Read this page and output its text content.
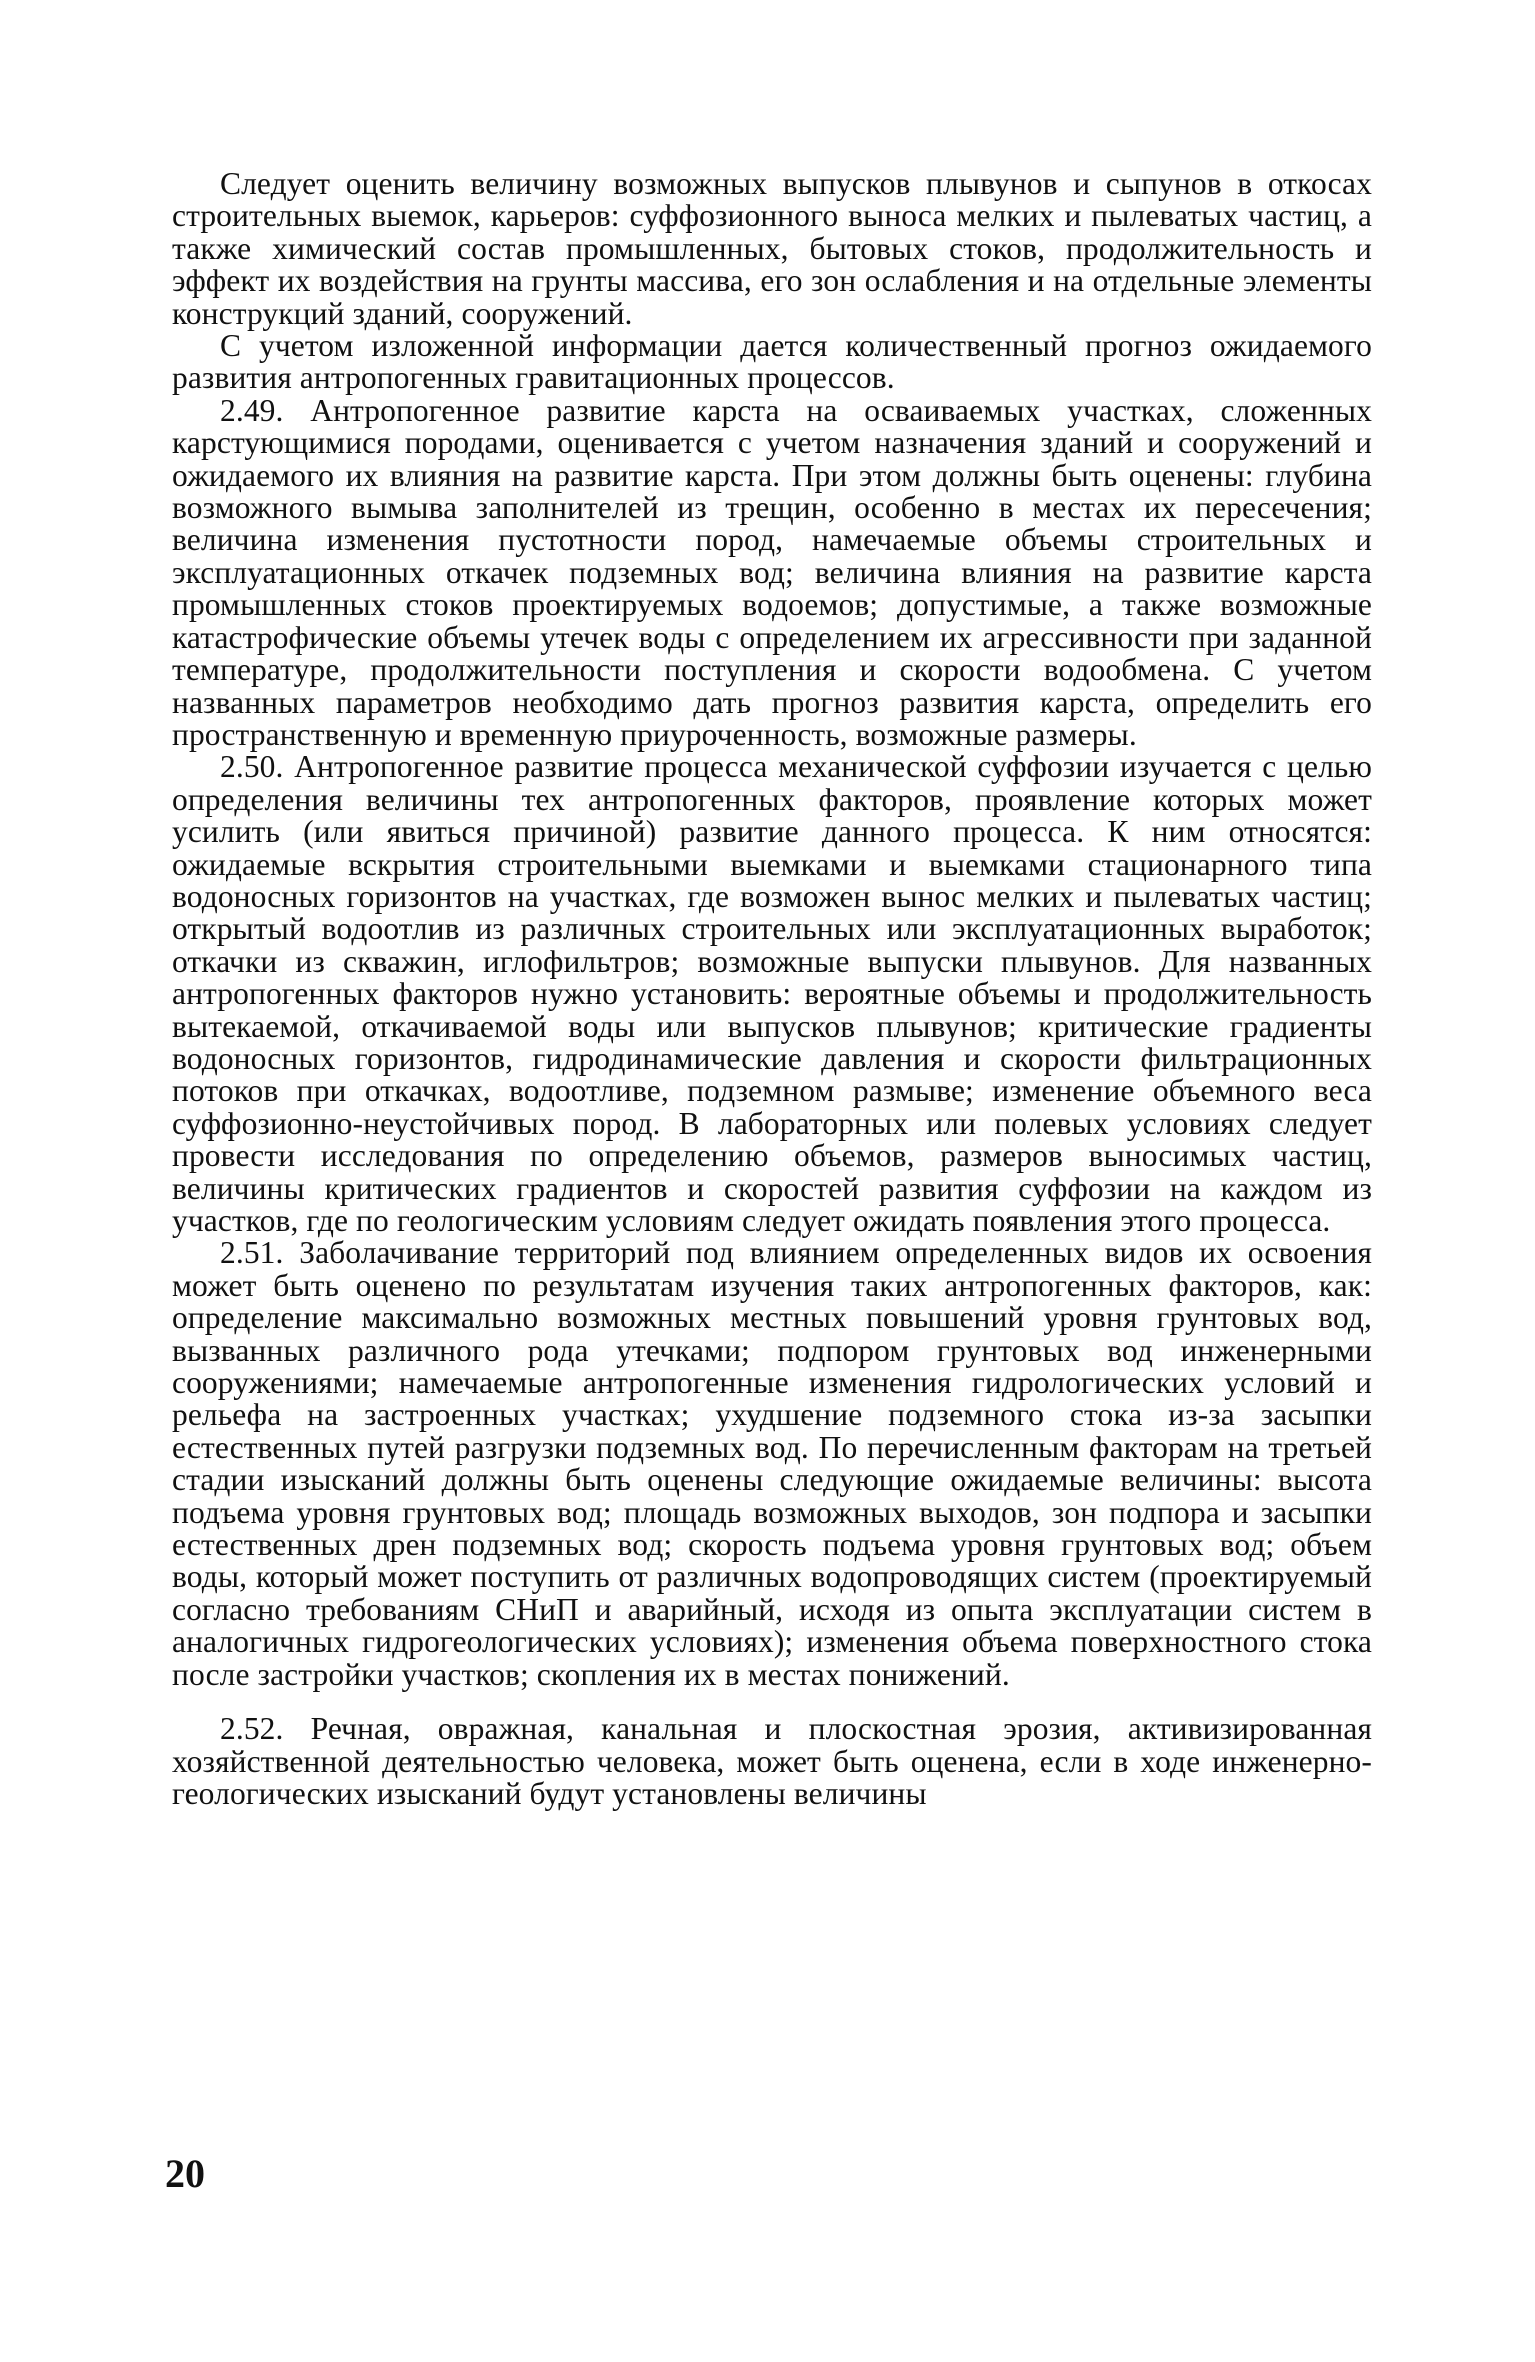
Следует оценить величину возможных выпусков плывунов и сыпунов в откосах строительных выемок, карьеров: суффозионного выноса мелких и пылеватых частиц, а также химический состав промышленных, бытовых стоков, продолжительность и эффект их воздействия на грунты массива, его зон ослабления и на отдельные элементы конструкций зданий, сооружений.

С учетом изложенной информации дается количественный прогноз ожидаемого развития антропогенных гравитационных процессов.

2.49. Антропогенное развитие карста на осваиваемых участках, сложенных карстующимися породами, оценивается с учетом назначения зданий и сооружений и ожидаемого их влияния на развитие карста. При этом должны быть оценены: глубина возможного вымыва заполнителей из трещин, особенно в местах их пересечения; величина изменения пустотности пород, намечаемые объемы строительных и эксплуатационных откачек подземных вод; величина влияния на развитие карста промышленных стоков проектируемых водоемов; допустимые, а также возможные катастрофические объемы утечек воды с определением их агрессивности при заданной температуре, продолжительности поступления и скорости водообмена. С учетом названных параметров необходимо дать прогноз развития карста, определить его пространственную и временную приуроченность, возможные размеры.

2.50. Антропогенное развитие процесса механической суффозии изучается с целью определения величины тех антропогенных факторов, проявление которых может усилить (или явиться причиной) развитие данного процесса. К ним относятся: ожидаемые вскрытия строительными выемками и выемками стационарного типа водоносных горизонтов на участках, где возможен вынос мелких и пылеватых частиц; открытый водоотлив из различных строительных или эксплуатационных выработок; откачки из скважин, иглофильтров; возможные выпуски плывунов. Для названных антропогенных факторов нужно установить: вероятные объемы и продолжительность вытекаемой, откачиваемой воды или выпусков плывунов; критические градиенты водоносных горизонтов, гидродинамические давления и скорости фильтрационных потоков при откачках, водоотливе, подземном размыве; изменение объемного веса суффозионно-неустойчивых пород. В лабораторных или полевых условиях следует провести исследования по определению объемов, размеров выносимых частиц, величины критических градиентов и скоростей развития суффозии на каждом из участков, где по геологическим условиям следует ожидать появления этого процесса.

2.51. Заболачивание территорий под влиянием определенных видов их освоения может быть оценено по результатам изучения таких антропогенных факторов, как: определение максимально возможных местных повышений уровня грунтовых вод, вызванных различного рода утечками; подпором грунтовых вод инженерными сооружениями; намечаемые антропогенные изменения гидрологических условий и рельефа на застроенных участках; ухудшение подземного стока из-за засыпки естественных путей разгрузки подземных вод. По перечисленным факторам на третьей стадии изысканий должны быть оценены следующие ожидаемые величины: высота подъема уровня грунтовых вод; площадь возможных выходов, зон подпора и засыпки естественных дрен подземных вод; скорость подъема уровня грунтовых вод; объем воды, который может поступить от различных водопроводящих систем (проектируемый согласно требованиям СНиП и аварийный, исходя из опыта эксплуатации систем в аналогичных гидрогеологических условиях); изменения объема поверхностного стока после застройки участков; скопления их в местах понижений.

2.52. Речная, овражная, канальная и плоскостная эрозия, активизированная хозяйственной деятельностью человека, может быть оценена, если в ходе инженерно-геологических изысканий будут установлены величины

20
